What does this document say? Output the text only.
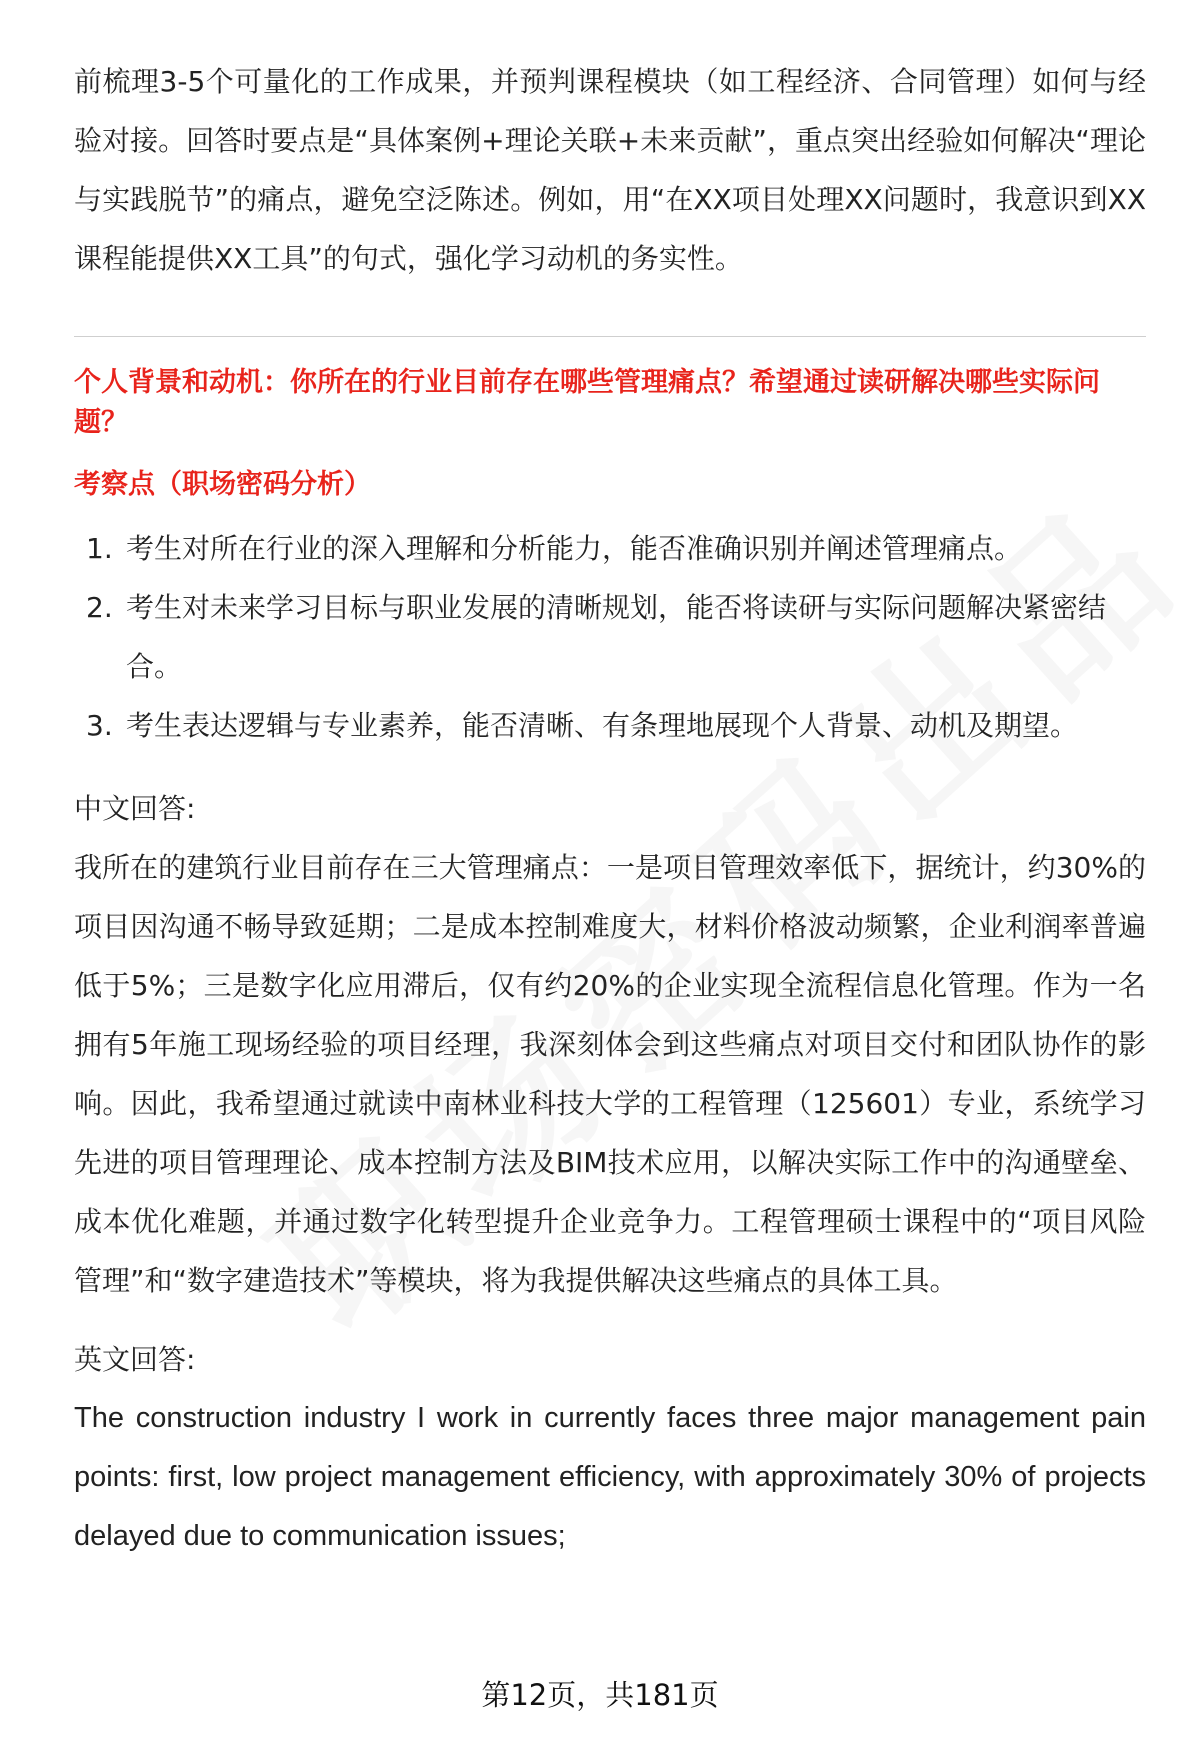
前梳理3-5个可量化的工作成果，并预判课程模块（如工程经济、合同管理）如何与经验对接。回答时要点是“具体案例+理论关联+未来贡献”，重点突出经验如何解决“理论与实践脱节”的痛点，避免空泛陈述。例如，用“在XX项目处理XX问题时，我意识到XX课程能提供XX工具”的句式，强化学习动机的务实性。

个人背景和动机：你所在的行业目前存在哪些管理痛点？希望通过读研解决哪些实际问题？

考察点（职场密码分析）

1. 考生对所在行业的深入理解和分析能力，能否准确识别并阐述管理痛点。
2. 考生对未来学习目标与职业发展的清晰规划，能否将读研与实际问题解决紧密结合。
3. 考生表达逻辑与专业素养，能否清晰、有条理地展现个人背景、动机及期望。

中文回答:

我所在的建筑行业目前存在三大管理痛点：一是项目管理效率低下，据统计，约30%的项目因沟通不畅导致延期；二是成本控制难度大，材料价格波动频繁，企业利润率普遍低于5%；三是数字化应用滞后，仅有约20%的企业实现全流程信息化管理。作为一名拥有5年施工现场经验的项目经理，我深刻体会到这些痛点对项目交付和团队协作的影响。因此，我希望通过就读中南林业科技大学的工程管理（125601）专业，系统学习先进的项目管理理论、成本控制方法及BIM技术应用，以解决实际工作中的沟通壁垒、成本优化难题，并通过数字化转型提升企业竞争力。工程管理硕士课程中的“项目风险管理”和“数字建造技术”等模块，将为我提供解决这些痛点的具体工具。

英文回答:

The construction industry I work in currently faces three major management pain points: first, low project management efficiency, with approximately 30% of projects delayed due to communication issues;

第12页，共181页
